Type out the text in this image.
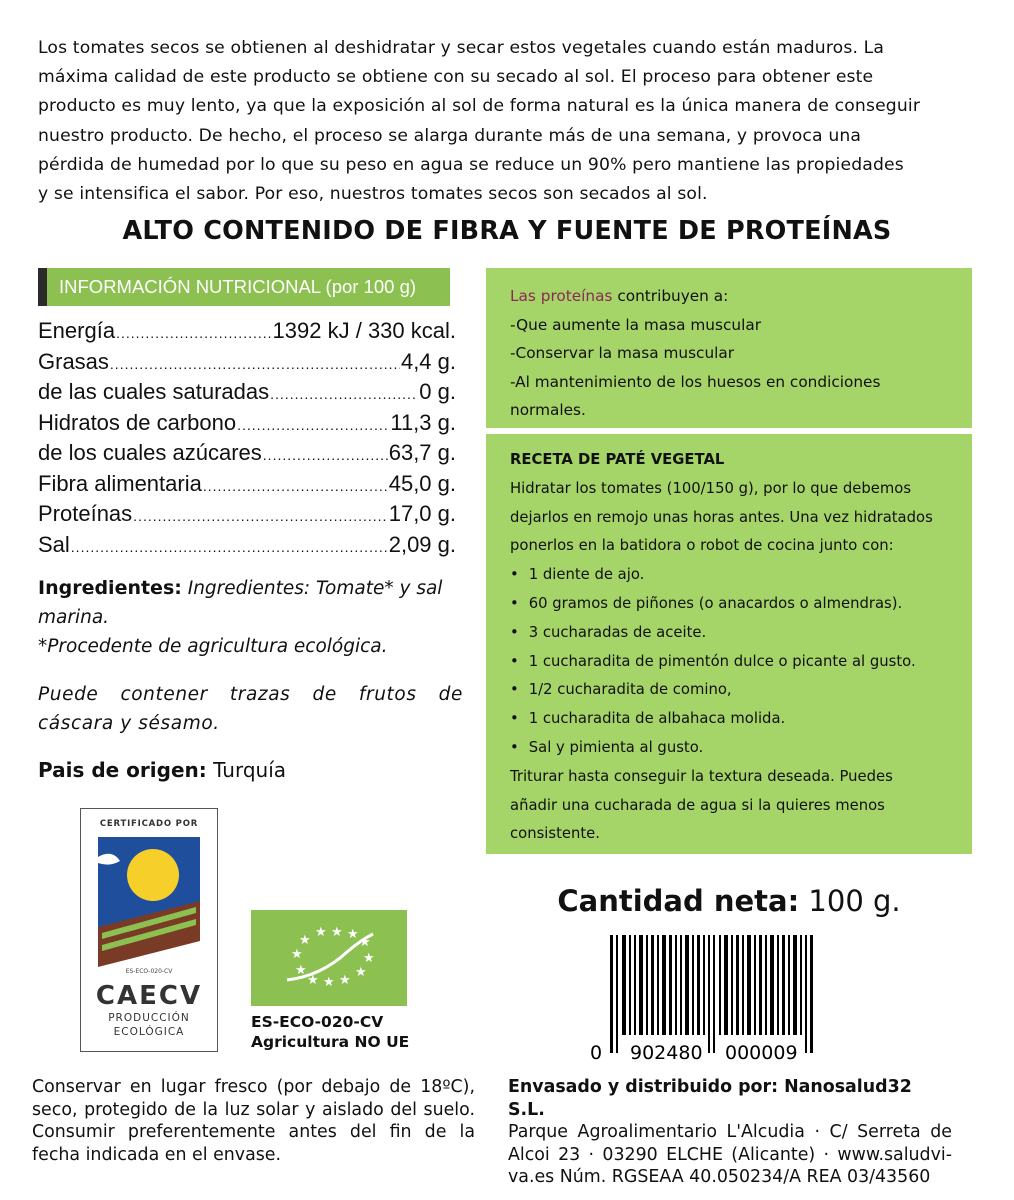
Los tomates secos se obtienen al deshidratar y secar estos vegetales cuando están maduros. La
máxima calidad de este producto se obtiene con su secado al sol. El proceso para obtener este
producto es muy lento, ya que la exposición al sol de forma natural es la única manera de conseguir
nuestro producto. De hecho, el proceso se alarga durante más de una semana, y provoca una
pérdida de humedad por lo que su peso en agua se reduce un 90% pero mantiene las propiedades
y se intensifica el sabor. Por eso, nuestros tomates secos son secados al sol.
ALTO CONTENIDO DE FIBRA Y FUENTE DE PROTEÍNAS
INFORMACIÓN NUTRICIONAL (por 100 g)
Energía .....	1392 kJ / 330 kcal.
Grasas .....	4,4 g.
de las cuales saturadas .....	0 g.
Hidratos de carbono .....	11,3 g.
de los cuales azúcares .....	63,7 g.
Fibra alimentaria .....	45,0 g.
Proteínas .....	17,0 g.
Sal .....	2,09 g.
Ingredientes: Ingredientes: Tomate* y sal marina.
*Procedente de agricultura ecológica.
Puede contener trazas de frutos de cáscara y sésamo.
Pais de origen: Turquía
Las proteínas contribuyen a:
-Que aumente la masa muscular
-Conservar la masa muscular
-Al mantenimiento de los huesos en condiciones normales.
RECETA DE PATÉ VEGETAL
Hidratar los tomates (100/150 g), por lo que debemos dejarlos en remojo unas horas antes. Una vez hidratados ponerlos en la batidora o robot de cocina junto con:
• 1 diente de ajo.
• 60 gramos de piñones (o anacardos o almendras).
• 3 cucharadas de aceite.
• 1 cucharadita de pimentón dulce o picante al gusto.
• 1/2 cucharadita de comino,
• 1 cucharadita de albahaca molida.
• Sal y pimienta al gusto.
Triturar hasta conseguir la textura deseada. Puedes añadir una cucharada de agua si la quieres menos consistente.
Cantidad neta: 100 g.
0 902480 000009
CERTIFICADO POR
ES-ECO-020-CV
CAECV
PRODUCCIÓN
ECOLÓGICA
★ ★ ★
★	★
★	★
★	★
★ ★ ★
ES-ECO-020-CV
Agricultura NO UE
Conservar en lugar fresco (por debajo de 18ºC), seco, protegido de la luz solar y aislado del suelo. Consumir preferentemente antes del fin de la fecha indicada en el envase.
Envasado y distribuido por: Nanosalud32 S.L.
Parque Agroalimentario L'Alcudia · C/ Serreta de Alcoi 23 · 03290 ELCHE (Alicante) · www.saludvi-va.es Núm. RGSEAA 40.050234/A REA 03/43560
